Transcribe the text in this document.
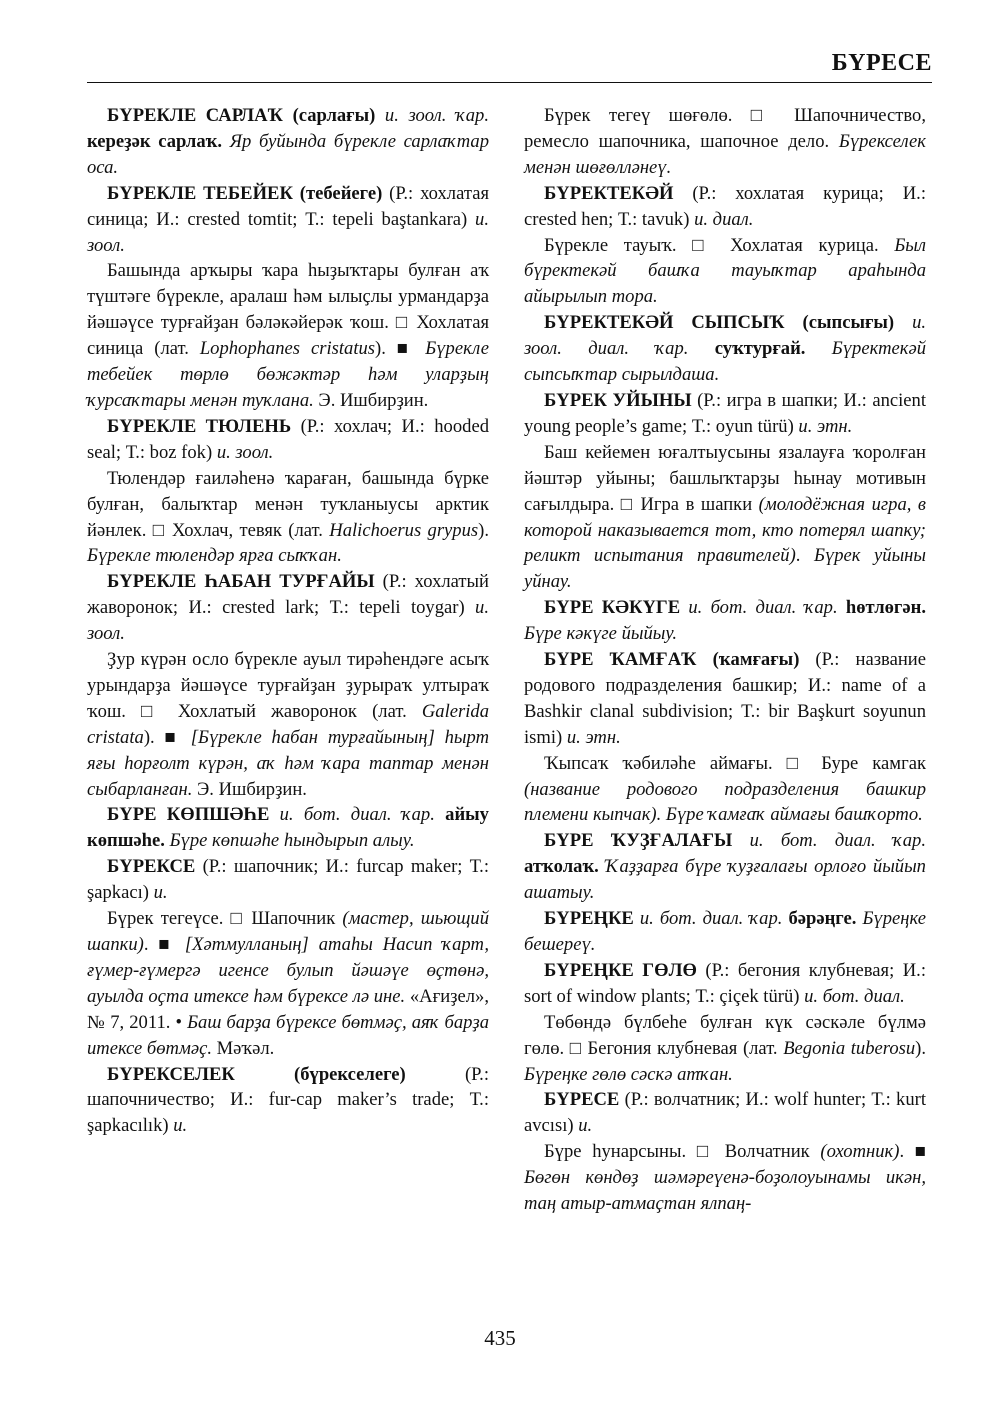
БҮРЕСЕ

БҮРЕКЛЕ САРЛАҠ (сарлағы) и. зоол. ҡар. кереҙәк сарлаҡ. Яр буйында бүрекле сарлаҡтар оса.

БҮРЕКЛЕ ТЕБЕЙЕК (тебейеге) (Р.: хохлатая синица; И.: crested tomtit; Т.: tepeli baştankara) и. зоол.

Башында арҡыры ҡара һыҙыҡтары булған аҡ түштәге бүрекле, аралаш һәм ылыҫлы урмандарҙа йәшәүсе турғайҙан бәләкәйерәк ҡош. □ Хохлатая синица (лат. Lophophanes cristatus). ■ Бүрекле тебейек төрлө бөжәктәр һәм уларҙың ҡурсаҡтары менән туҡлана. Э. Ишбирҙин.

БҮРЕКЛЕ ТЮЛЕНЬ (Р.: хохлач; И.: hooded seal; Т.: boz fok) и. зоол.

Тюлендәр ғаиләһенә ҡараған, башында бүрке булған, балыҡтар менән туҡланыусы арктик йәнлек. □ Хохлач, тевяк (лат. Halichoerus grypus). Бүрекле тюлендәр ярға сыҡҡан.

БҮРЕКЛЕ ҺАБАН ТУРҒАЙЫ (Р.: хохлатый жаворонок; И.: crested lark; Т.: tepeli toygar) и. зоол.

Ҙур күрән ослo бүрекле ауыл тирәһендәге асыҡ урындарҙа йәшәүсе турғайҙан ҙурыраҡ ултыраҡ ҡош. □ Хохлатый жаворонок (лат. Galerida cristata). ■ [Бүрекле һабан турғайының] һырт яғы һорғолт күрән, аҡ һәм ҡара таптар менән сыбарланған. Э. Ишбирҙин.

БҮРЕ КӨПШӘҺЕ и. бот. диал. ҡар. айыу көпшәһе. Бүре көпшәһе һындырып алыу.

БҮРЕКСЕ (Р.: шапочник; И.: furcap maker; Т.: şapkacı) и.

Бүрек тегеүсе. □ Шапочник (мастер, шьющий шапки). ■ [Хәтмулланың] атаһы Насип ҡарт, ғүмер-ғүмергә игенсе булып йәшәүе өҫтөнә, ауылда оҫта итексе һәм бүрексе лә ине. «Ағиҙел», № 7, 2011. • Баш барҙа бүрексе бөтмәҫ, аяҡ барҙа итексе бөтмәҫ. Мәҡәл.

БҮРЕКСЕЛЕК (бүрекселеге) (Р.: шапочничество; И.: fur-cap maker’s trade; Т.: şapkacılık) и.

Бүрек тегеү шөғөлө. □ Шапочничество, ремесло шапочника, шапочное дело. Бүрекселек менән шөғөлләнеү.

БҮРЕКТЕКӘЙ (Р.: хохлатая курица; И.: crested hen; Т.: tavuk) и. диал.

Бүрекле тауыҡ. □ Хохлатая курица. Был бүректекәй башҡа тауыҡтар араһында айырылып тора.

БҮРЕКТЕКӘЙ СЫПСЫҠ (сыпсығы) и. зоол. диал. ҡар. суҡтурғай. Бүректекәй сыпсыҡтар сырылдаша.

БҮРЕК УЙЫНЫ (Р.: игра в шапки; И.: ancient young people’s game; Т.: oyun türü) и. этн.

Баш кейемен юғалтыусыны язалауға ҡоролған йәштәр уйыны; башлыҡтарҙы һынау мотивын сағылдыра. □ Игра в шапки (молодёжная игра, в которой наказывается тот, кто потерял шапку; реликт испытания правителей). Бүрек уйыны уйнау.

БҮРЕ КӘКҮГЕ и. бот. диал. ҡар. һөтлөгән. Бүре кәкүге йыйыу.

БҮРЕ ҠАМҒАҠ (ҡамғағы) (Р.: название родового подразделения башкир; И.: name of a Bashkir clanal subdivision; Т.: bir Başkurt soyunun ismi) и. этн.

Ҡыпсаҡ ҡәбиләһе аймағы. □ Буре камгак (название родового подразделения башкир племени кыпчак). Бүре ҡамғаҡ аймағы башҡорто.

БҮРЕ ҠУҘҒАЛАҒЫ и. бот. диал. ҡар. атҡолаҡ. Ҡаҙҙарға бүре ҡуҙғалағы орлоғо йыйып ашатыу.

БҮРЕҢКЕ и. бот. диал. ҡар. бәрәңге. Бүреңке бешереү.

БҮРЕҢКЕ ГӨЛӨ (Р.: бегония клубневая; И.: sort of window plants; Т.: çiçek türü) и. бот. диал.

Төбөндә бүлбеһе булған күк сәскәле бүлмә гөлө. □ Бегония клубневая (лат. Begonia tuberosu). Бүреңке гөлө сәскә атҡан.

БҮРЕСЕ (Р.: волчатник; И.: wolf hunter; Т.: kurt avcısı) и.

Бүре һунарсыны. □ Волчатник (охотник). ■ Бөгөн көндөҙ шәмәреүенә-боҙолоуынамы икән, таң атыр-атмаҫтан ялпаң-

435
